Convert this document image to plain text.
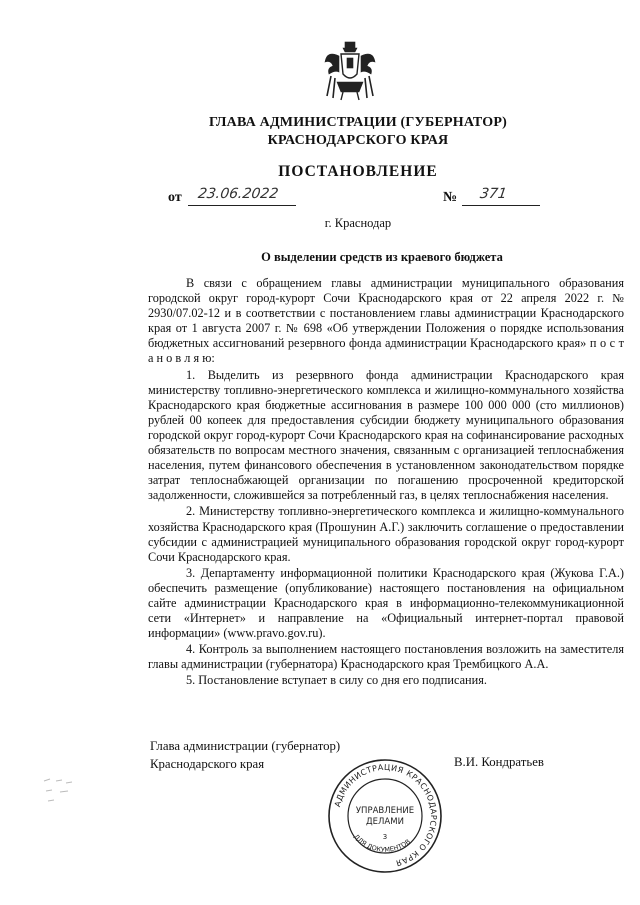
ГЛАВА АДМИНИСТРАЦИИ (ГУБЕРНАТОР)
КРАСНОДАРСКОГО КРАЯ
ПОСТАНОВЛЕНИЕ
от 23.06.2022	№ 371
г. Краснодар
О выделении средств из краевого бюджета

В связи с обращением главы администрации муниципального образования городской округ город-курорт Сочи Краснодарского края от 22 апреля 2022 г. № 2930/07.02-12 и в соответствии с постановлением главы администрации Краснодарского края от 1 августа 2007 г. № 698 «Об утверждении Положения о порядке использования бюджетных ассигнований резервного фонда администрации Краснодарского края» п о с т а н о в л я ю:

1. Выделить из резервного фонда администрации Краснодарского края министерству топливно-энергетического комплекса и жилищно-коммунального хозяйства Краснодарского края бюджетные ассигнования в размере 100 000 000 (сто миллионов) рублей 00 копеек для предоставления субсидии бюджету муниципального образования городской округ город-курорт Сочи Краснодарского края на софинансирование расходных обязательств по вопросам местного значения, связанным с организацией теплоснабжения населения, путем финансового обеспечения в установленном законодательством порядке затрат теплоснабжающей организации по погашению просроченной кредиторской задолженности, сложившейся за потребленный газ, в целях теплоснабжения населения.

2. Министерству топливно-энергетического комплекса и жилищно-коммунального хозяйства Краснодарского края (Прошунин А.Г.) заключить соглашение о предоставлении субсидии с администрацией муниципального образования городской округ город-курорт Сочи Краснодарского края.

3. Департаменту информационной политики Краснодарского края (Жукова Г.А.) обеспечить размещение (опубликование) настоящего постановления на официальном сайте администрации Краснодарского края в информационно-телекоммуникационной сети «Интернет» и направление на «Официальный интернет-портал правовой информации» (www.pravo.gov.ru).

4. Контроль за выполнением настоящего постановления возложить на заместителя главы администрации (губернатора) Краснодарского края Трембицкого А.А.

5. Постановление вступает в силу со дня его подписания.

Глава администрации (губернатор)
Краснодарского края	В.И. Кондратьев
АДМИНИСТРАЦИЯ КРАСНОДАРСКОГО КРАЯ
ДЛЯ ДОКУМЕНТОВ
УПРАВЛЕНИЕ
ДЕЛАМИ
3
